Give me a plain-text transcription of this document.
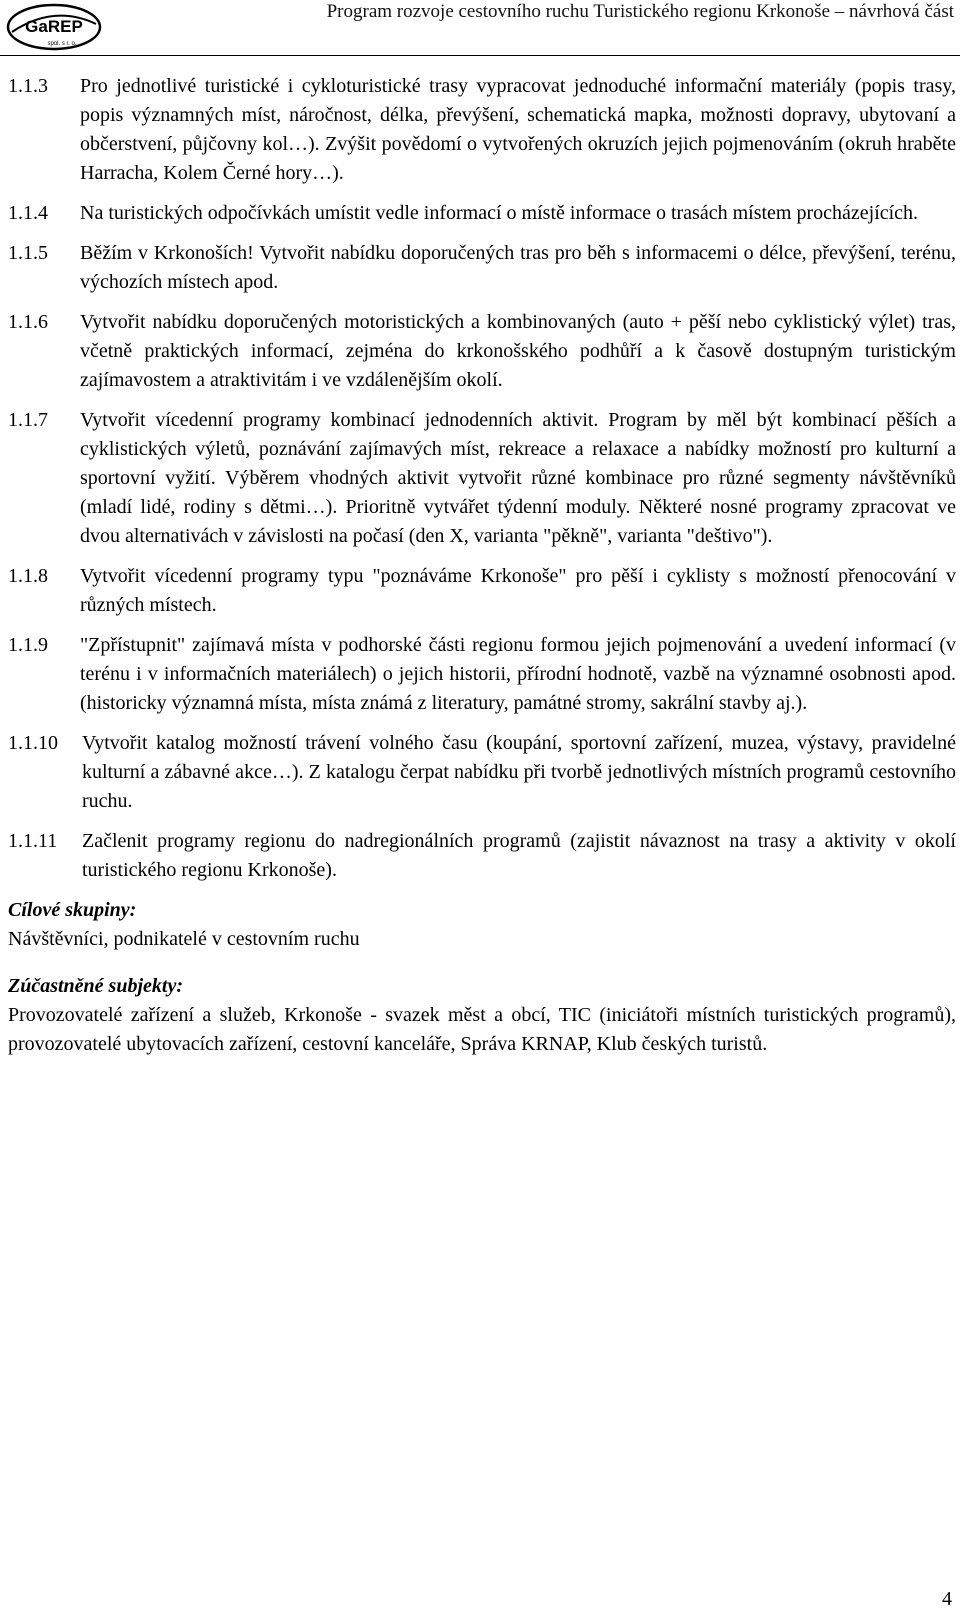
GaREP
spol. s r. o.
Program rozvoje cestovního ruchu Turistického regionu Krkonoše – návrhová část
1.1.3	Pro jednotlivé turistické i cykloturistické trasy vypracovat jednoduché informační materiály (popis trasy, popis významných míst, náročnost, délka, převýšení, schematická mapka, možnosti dopravy, ubytovaní a občerstvení, půjčovny kol…). Zvýšit povědomí o vytvořených okruzích jejich pojmenováním (okruh hraběte Harracha, Kolem Černé hory…).
1.1.4	Na turistických odpočívkách umístit vedle informací o místě informace o trasách místem procházejících.
1.1.5	Běžím v Krkonoších! Vytvořit nabídku doporučených tras pro běh s informacemi o délce, převýšení, terénu, výchozích místech apod.
1.1.6	Vytvořit nabídku doporučených motoristických a kombinovaných (auto + pěší nebo cyklistický výlet) tras, včetně praktických informací, zejména do krkonošského podhůří a k časově dostupným turistickým zajímavostem a atraktivitám i ve vzdálenějším okolí.
1.1.7	Vytvořit vícedenní programy kombinací jednodenních aktivit. Program by měl být kombinací pěších a cyklistických výletů, poznávání zajímavých míst, rekreace a relaxace a nabídky možností pro kulturní a sportovní vyžití. Výběrem vhodných aktivit vytvořit různé kombinace pro různé segmenty návštěvníků (mladí lidé, rodiny s dětmi…). Prioritně vytvářet týdenní moduly. Některé nosné programy zpracovat ve dvou alternativách v závislosti na počasí (den X, varianta "pěkně", varianta "deštivo").
1.1.8	Vytvořit vícedenní programy typu "poznáváme Krkonoše" pro pěší i cyklisty s možností přenocování v různých místech.
1.1.9	"Zpřístupnit" zajímavá místa v podhorské části regionu formou jejich pojmenování a uvedení informací (v terénu i v informačních materiálech) o jejich historii, přírodní hodnotě, vazbě na významné osobnosti apod. (historicky významná místa, místa známá z literatury, památné stromy, sakrální stavby aj.).
1.1.10	Vytvořit katalog možností trávení volného času (koupání, sportovní zařízení, muzea, výstavy, pravidelné kulturní a zábavné akce…). Z katalogu čerpat nabídku při tvorbě jednotlivých místních programů cestovního ruchu.
1.1.11	Začlenit programy regionu do nadregionálních programů (zajistit návaznost na trasy a aktivity v okolí turistického regionu Krkonoše).

Cílové skupiny:

Návštěvníci, podnikatelé v cestovním ruchu

Zúčastněné subjekty:

Provozovatelé zařízení a služeb, Krkonoše - svazek měst a obcí, TIC (iniciátoři místních turistických programů), provozovatelé ubytovacích zařízení, cestovní kanceláře, Správa KRNAP, Klub českých turistů.

4
